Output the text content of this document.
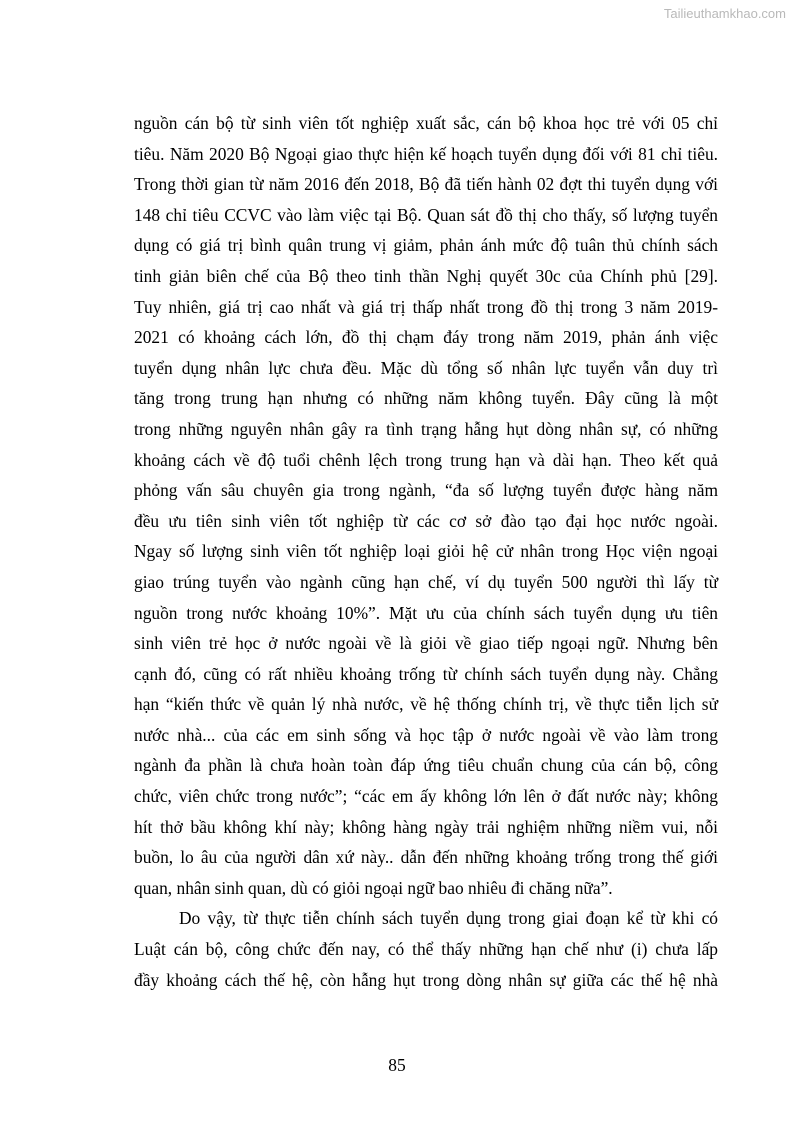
Tailieuthamkhao.com
nguồn cán bộ từ sinh viên tốt nghiệp xuất sắc, cán bộ khoa học trẻ với 05 chỉ
tiêu. Năm 2020 Bộ Ngoại giao thực hiện kế hoạch tuyển dụng đối với 81 chỉ tiêu.
Trong thời gian từ năm 2016 đến 2018, Bộ đã tiến hành 02 đợt thi tuyển dụng với
148 chỉ tiêu CCVC vào làm việc tại Bộ. Quan sát đồ thị cho thấy, số lượng tuyển
dụng có giá trị bình quân trung vị giảm, phản ánh mức độ tuân thủ chính sách
tinh giản biên chế của Bộ theo tinh thần Nghị quyết 30c của Chính phủ [29].
Tuy nhiên, giá trị cao nhất và giá trị thấp nhất trong đồ thị trong 3 năm 2019-
2021 có khoảng cách lớn, đồ thị chạm đáy trong năm 2019, phản ánh việc
tuyển dụng nhân lực chưa đều. Mặc dù tổng số nhân lực tuyển vẫn duy trì
tăng trong trung hạn nhưng có những năm không tuyển. Đây cũng là một
trong những nguyên nhân gây ra tình trạng hẫng hụt dòng nhân sự, có những
khoảng cách về độ tuổi chênh lệch trong trung hạn và dài hạn. Theo kết quả
phỏng vấn sâu chuyên gia trong ngành, “đa số lượng tuyển được hàng năm
đều ưu tiên sinh viên tốt nghiệp từ các cơ sở đào tạo đại học nước ngoài.
Ngay số lượng sinh viên tốt nghiệp loại giỏi hệ cử nhân trong Học viện ngoại
giao trúng tuyển vào ngành cũng hạn chế, ví dụ tuyển 500 người thì lấy từ
nguồn trong nước khoảng 10%”. Mặt ưu của chính sách tuyển dụng ưu tiên
sinh viên trẻ học ở nước ngoài về là giỏi về giao tiếp ngoại ngữ. Nhưng bên
cạnh đó, cũng có rất nhiều khoảng trống từ chính sách tuyển dụng này. Chẳng
hạn “kiến thức về quản lý nhà nước, về hệ thống chính trị, về thực tiễn lịch sử
nước nhà... của các em sinh sống và học tập ở nước ngoài về vào làm trong
ngành đa phần là chưa hoàn toàn đáp ứng tiêu chuẩn chung của cán bộ, công
chức, viên chức trong nước”; “các em ấy không lớn lên ở đất nước này; không
hít thở bầu không khí này; không hàng ngày trải nghiệm những niềm vui, nỗi
buồn, lo âu của người dân xứ này.. dẫn đến những khoảng trống trong thế giới
quan, nhân sinh quan, dù có giỏi ngoại ngữ bao nhiêu đi chăng nữa”.
Do vậy, từ thực tiễn chính sách tuyển dụng trong giai đoạn kể từ khi có
Luật cán bộ, công chức đến nay, có thể thấy những hạn chế như (i) chưa lấp
đầy khoảng cách thế hệ, còn hẫng hụt trong dòng nhân sự giữa các thế hệ nhà
85
